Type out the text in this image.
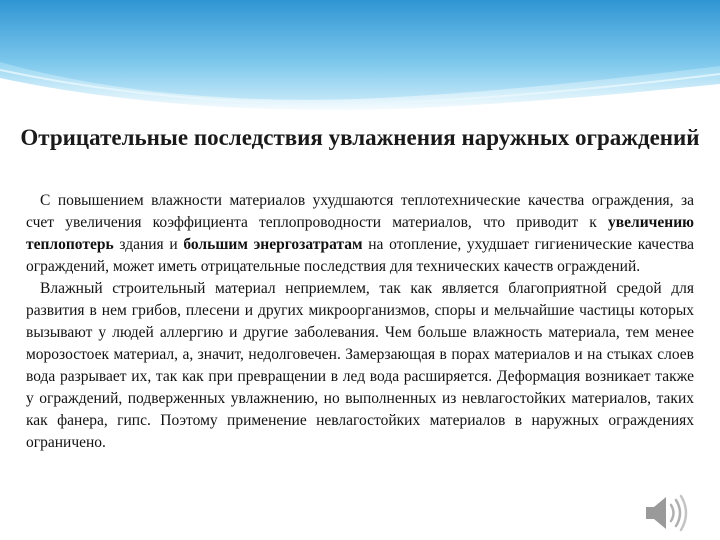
Отрицательные последствия увлажнения наружных ограждений

С повышением влажности материалов ухудшаются теплотехнические качества ограждения, за счет увеличения коэффициента теплопроводности материалов, что приводит к увеличению теплопотерь здания и большим энергозатратам на отопление, ухудшает гигиенические качества ограждений, может иметь отрицательные последствия для технических качеств ограждений.

Влажный строительный материал неприемлем, так как является благоприятной средой для развития в нем грибов, плесени и других микроорганизмов, споры и мельчайшие частицы которых вызывают у людей аллергию и другие заболевания. Чем больше влажность материала, тем менее морозостоек материал, а, значит, недолговечен. Замерзающая в порах материалов и на стыках слоев вода разрывает их, так как при превращении в лед вода расширяется. Деформация возникает также у ограждений, подверженных увлажнению, но выполненных из невлагостойких материалов, таких как фанера, гипс. Поэтому применение невлагостойких материалов в наружных ограждениях ограничено.
